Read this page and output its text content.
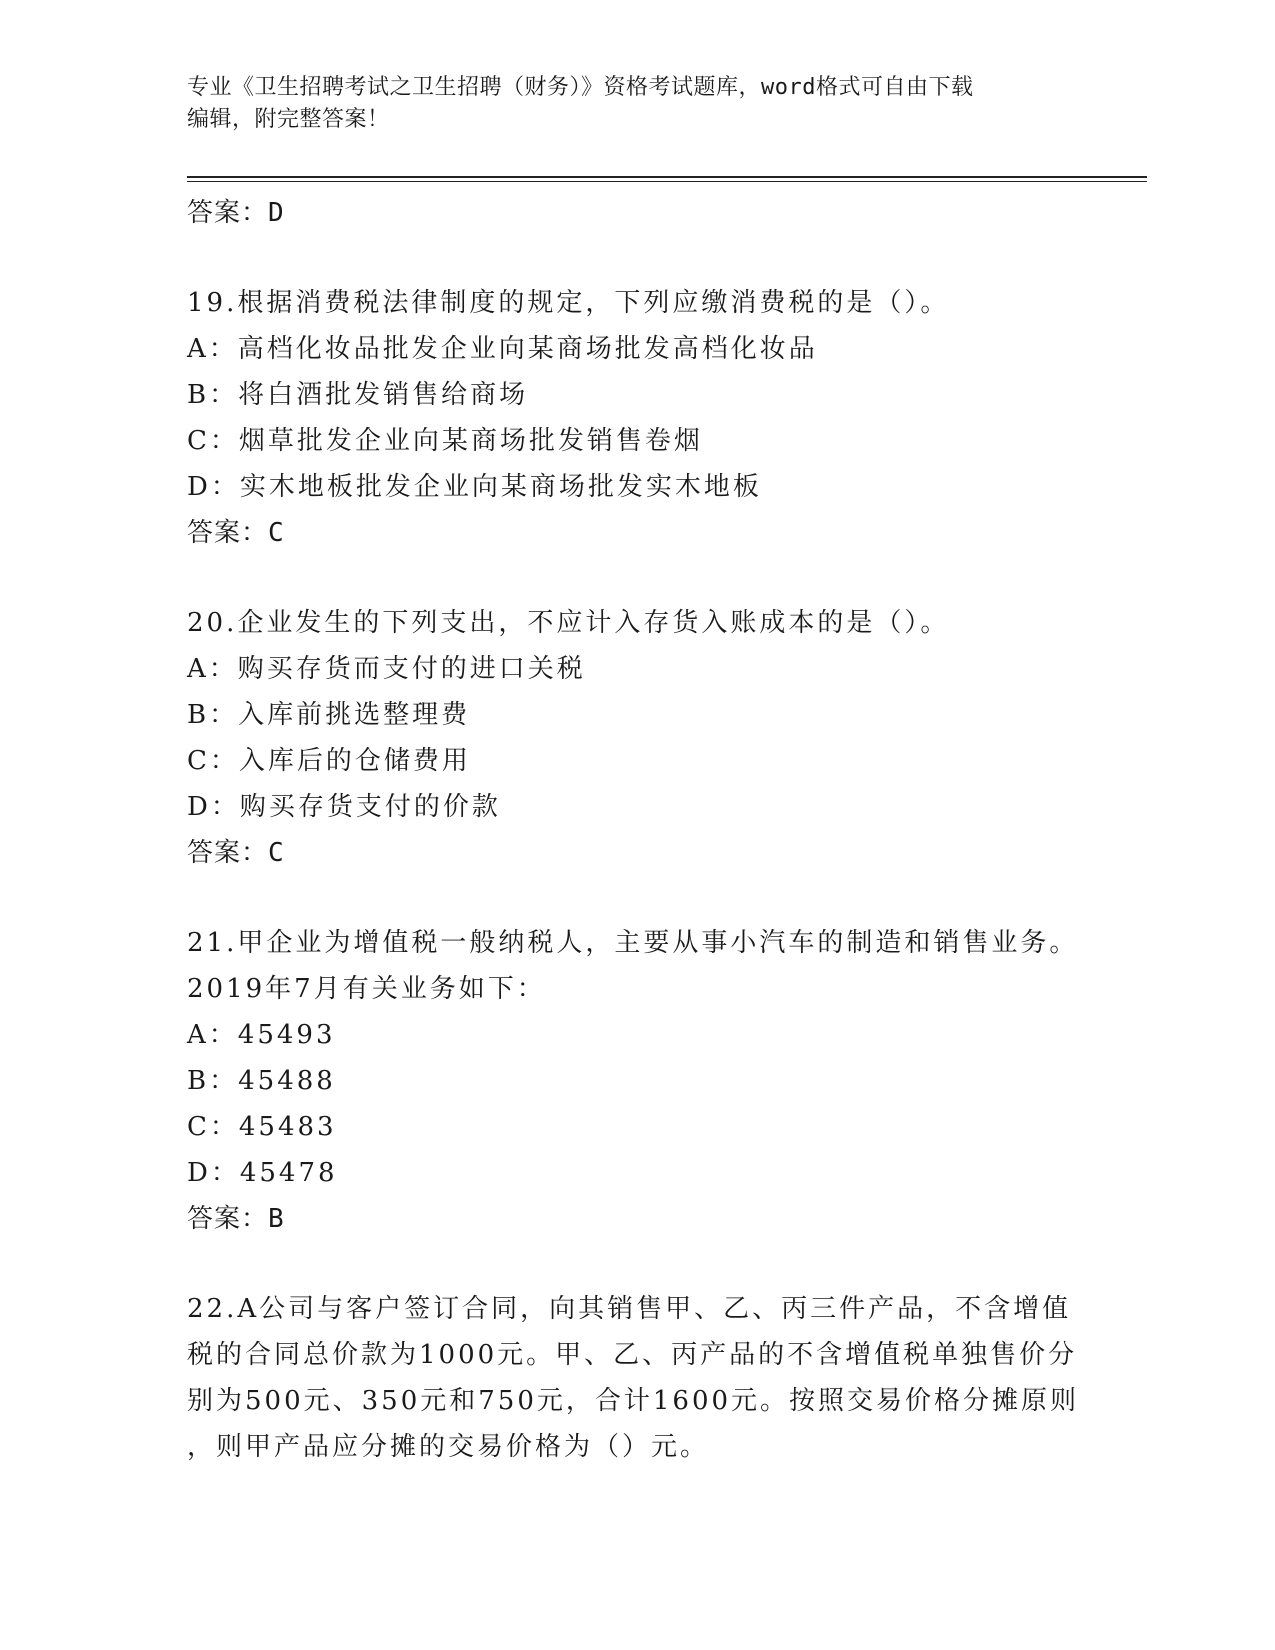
专业《卫生招聘考试之卫生招聘（财务）》资格考试题库，word格式可自由下载
编辑，附完整答案！
答案：D
19.根据消费税法律制度的规定，下列应缴消费税的是（）。
A：高档化妆品批发企业向某商场批发高档化妆品
B：将白酒批发销售给商场
C：烟草批发企业向某商场批发销售卷烟
D：实木地板批发企业向某商场批发实木地板
答案：C
20.企业发生的下列支出，不应计入存货入账成本的是（）。
A：购买存货而支付的进口关税
B：入库前挑选整理费
C：入库后的仓储费用
D：购买存货支付的价款
答案：C
21.甲企业为增值税一般纳税人，主要从事小汽车的制造和销售业务。
2019年7月有关业务如下：
A：45493
B：45488
C：45483
D：45478
答案：B
22.A公司与客户签订合同，向其销售甲、乙、丙三件产品，不含增值
税的合同总价款为1000元。甲、乙、丙产品的不含增值税单独售价分
别为500元、350元和750元，合计1600元。按照交易价格分摊原则
，则甲产品应分摊的交易价格为（）元。
